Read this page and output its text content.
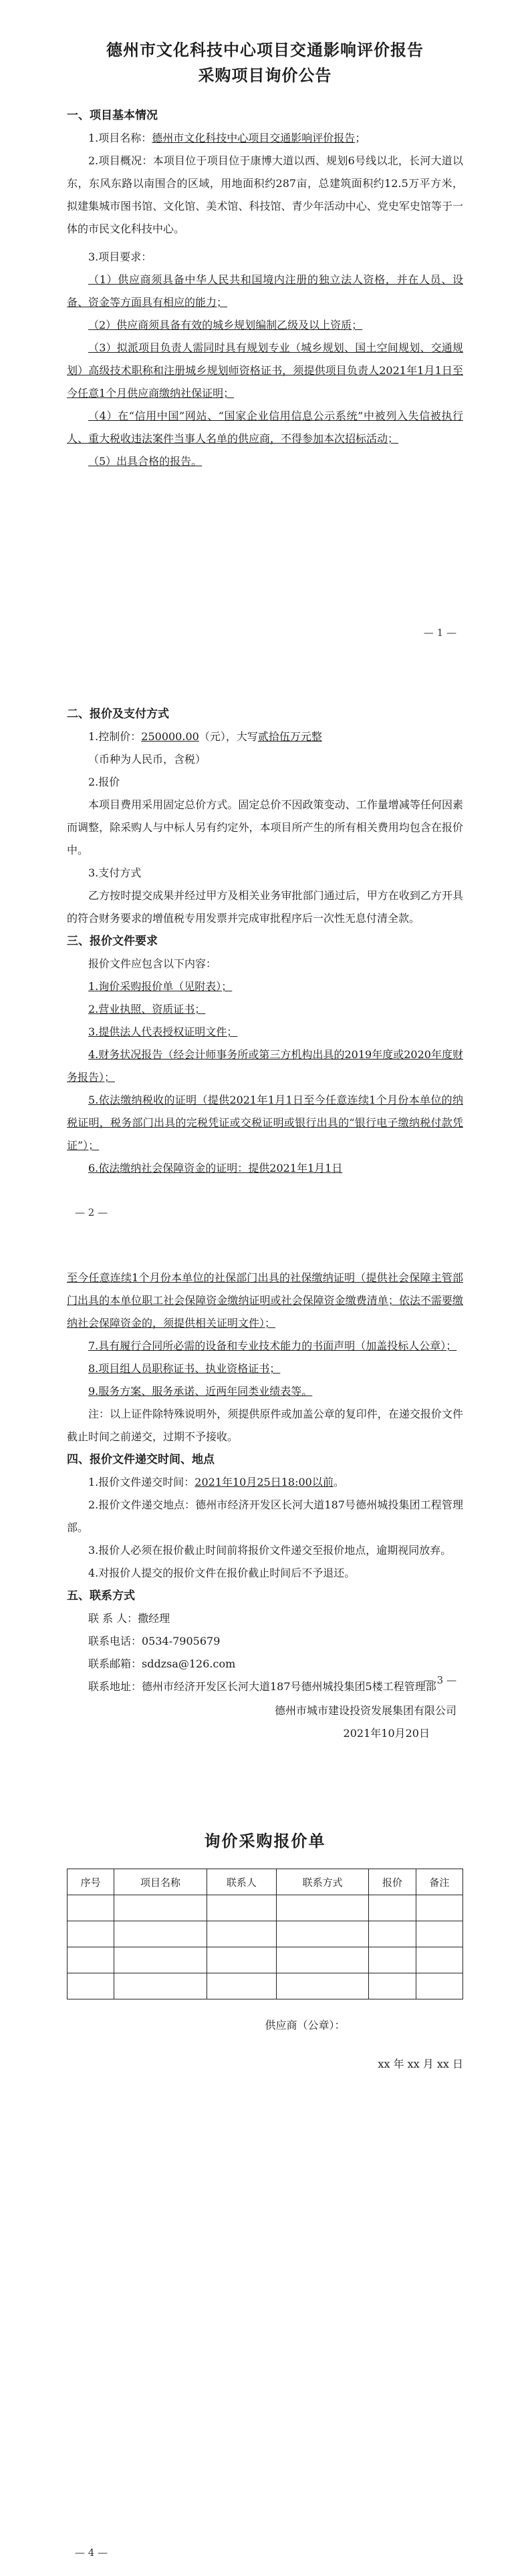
德州市文化科技中心项目交通影响评价报告
采购项目询价公告

一、项目基本情况

1.项目名称：德州市文化科技中心项目交通影响评价报告；

2.项目概况：本项目位于项目位于康博大道以西、规划6号线以北，长河大道以东，东风东路以南围合的区域，用地面积约287亩，总建筑面积约12.5万平方米，拟建集城市图书馆、文化馆、美术馆、科技馆、青少年活动中心、党史军史馆等于一体的市民文化科技中心。

3.项目要求：

（1）供应商须具备中华人民共和国境内注册的独立法人资格，并在人员、设备、资金等方面具有相应的能力；

（2）供应商须具备有效的城乡规划编制乙级及以上资质；

（3）拟派项目负责人需同时具有规划专业（城乡规划、国土空间规划、交通规划）高级技术职称和注册城乡规划师资格证书，须提供项目负责人2021年1月1日至今任意1个月供应商缴纳社保证明；

（4）在“信用中国”网站、“国家企业信用信息公示系统”中被列入失信被执行人、重大税收违法案件当事人名单的供应商，不得参加本次招标活动；

（5）出具合格的报告。

— 1 —

二、报价及支付方式

1.控制价：250000.00（元），大写贰拾伍万元整

（币种为人民币，含税）

2.报价

本项目费用采用固定总价方式。固定总价不因政策变动、工作量增减等任何因素而调整，除采购人与中标人另有约定外，本项目所产生的所有相关费用均包含在报价中。

3.支付方式

乙方按时提交成果并经过甲方及相关业务审批部门通过后，甲方在收到乙方开具的符合财务要求的增值税专用发票并完成审批程序后一次性无息付清全款。

三、报价文件要求

报价文件应包含以下内容：

1.询价采购报价单（见附表）；

2.营业执照、资质证书；

3.提供法人代表授权证明文件；

4.财务状况报告（经会计师事务所或第三方机构出具的2019年度或2020年度财务报告）；

5.依法缴纳税收的证明（提供2021年1月1日至今任意连续1个月份本单位的纳税证明，税务部门出具的完税凭证或交税证明或银行出具的“银行电子缴纳税付款凭证”）；

6.依法缴纳社会保障资金的证明：提供2021年1月1日

— 2 —

至今任意连续1个月份本单位的社保部门出具的社保缴纳证明（提供社会保障主管部门出具的本单位职工社会保障资金缴纳证明或社会保障资金缴费清单；依法不需要缴纳社会保障资金的，须提供相关证明文件）；

7.具有履行合同所必需的设备和专业技术能力的书面声明（加盖投标人公章）；

8.项目组人员职称证书、执业资格证书；

9.服务方案、服务承诺、近两年同类业绩表等。

注：以上证件除特殊说明外，须提供原件或加盖公章的复印件，在递交报价文件截止时间之前递交，过期不予接收。

四、报价文件递交时间、地点

1.报价文件递交时间：2021年10月25日18:00以前。

2.报价文件递交地点：德州市经济开发区长河大道187号德州城投集团工程管理部。

3.报价人必须在报价截止时间前将报价文件递交至报价地点，逾期视同放弃。

4.对报价人提交的报价文件在报价截止时间后不予退还。

五、联系方式

联 系 人：撒经理

联系电话：0534-7905679

联系邮箱：sddzsa@126.com

联系地址：德州市经济开发区长河大道187号德州城投集团5楼工程管理部

— 3 —

德州市城市建设投资发展集团有限公司

2021年10月20日

询价采购报价单
序号	项目名称	联系人	联系方式	报价	备注

供应商（公章）：

xx 年 xx 月 xx 日

— 4 —
